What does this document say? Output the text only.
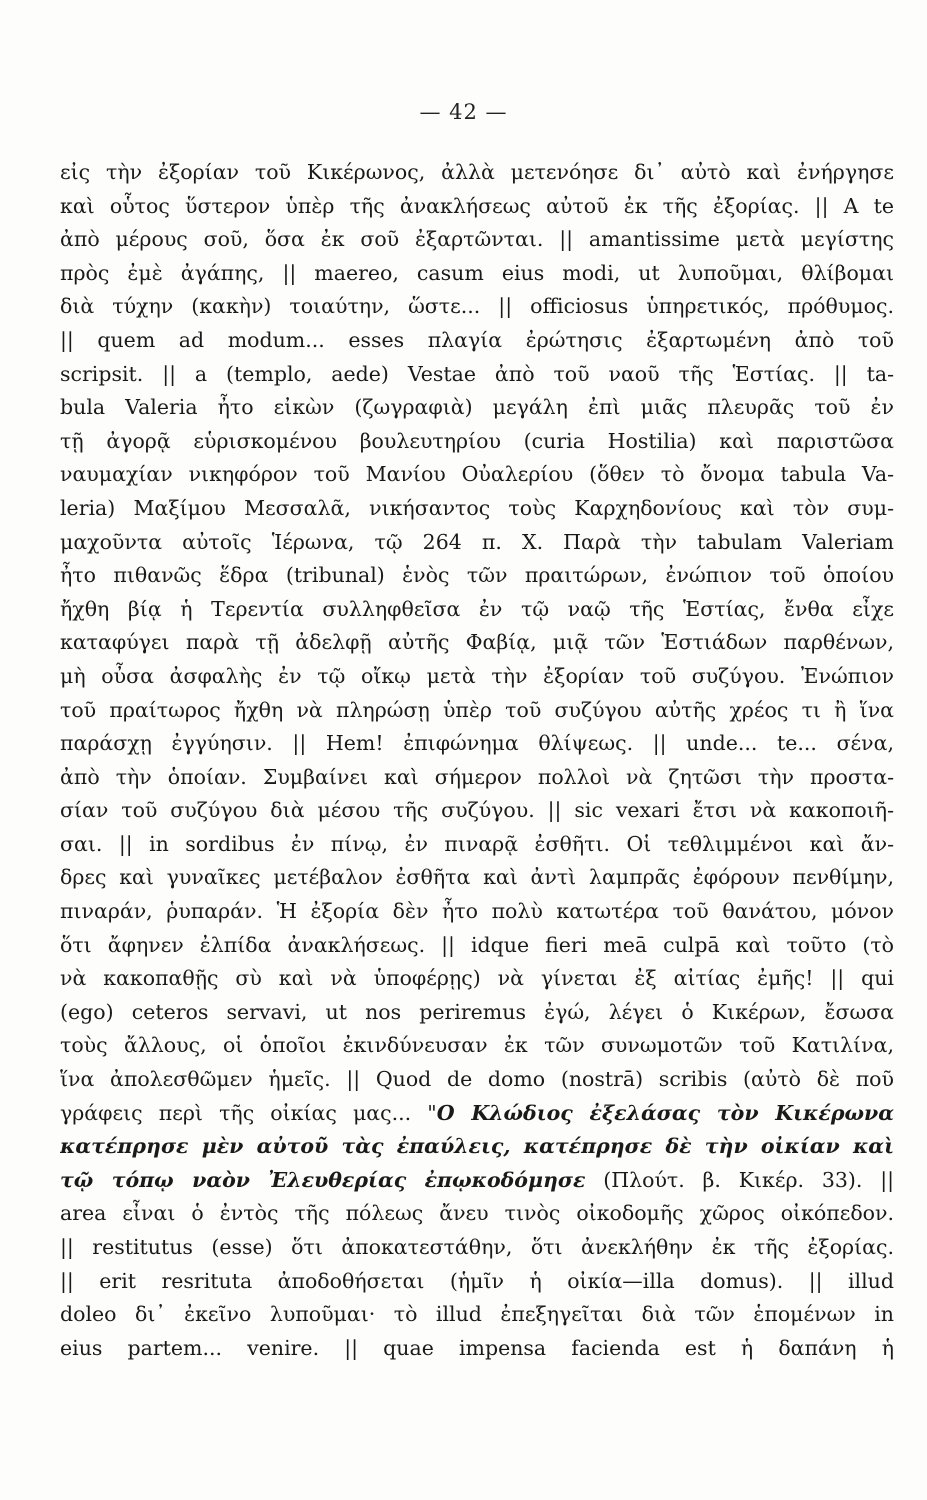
— 42 —
εἰς τὴν ἐξορίαν τοῦ Κικέρωνος, ἀλλὰ μετενόησε δι᾽ αὐτὸ καὶ ἐνήργησε
καὶ οὗτος ὕστερον ὑπὲρ τῆς ἀνακλήσεως αὐτοῦ ἐκ τῆς ἐξορίας. || A te
ἀπὸ μέρους σοῦ, ὅσα ἐκ σοῦ ἐξαρτῶνται. || amantissime μετὰ μεγίστης
πρὸς ἐμὲ ἀγάπης, || maereo, casum eius modi, ut λυποῦμαι, θλίβομαι
διὰ τύχην (κακὴν) τοιαύτην, ὥστε... || officiosus ὑπηρετικός, πρόθυμος.
|| quem ad modum... esses πλαγία ἐρώτησις ἐξαρτωμένη ἀπὸ τοῦ
scripsit. || a (templo, aede) Vestae ἀπὸ τοῦ ναοῦ τῆς Ἑστίας. || ta-
bula Valeria ἦτο εἰκὼν (ζωγραφιὰ) μεγάλη ἐπὶ μιᾶς πλευρᾶς τοῦ ἐν
τῇ ἀγορᾷ εὑρισκομένου βουλευτηρίου (curia Hostilia) καὶ παριστῶσα
ναυμαχίαν νικηφόρον τοῦ Μανίου Οὐαλερίου (ὅθεν τὸ ὄνομα tabula Va-
leria) Μαξίμου Μεσσαλᾶ, νικήσαντος τοὺς Καρχηδονίους καὶ τὸν συμ-
μαχοῦντα αὐτοῖς Ἱέρωνα, τῷ 264 π. Χ. Παρὰ τὴν tabulam Valeriam
ἦτο πιθανῶς ἕδρα (tribunal) ἑνὸς τῶν πραιτώρων, ἐνώπιον τοῦ ὁποίου
ἤχθη βίᾳ ἡ Τερεντία συλληφθεῖσα ἐν τῷ ναῷ τῆς Ἑστίας, ἔνθα εἶχε
καταφύγει παρὰ τῇ ἀδελφῇ αὐτῆς Φαβίᾳ, μιᾷ τῶν Ἑστιάδων παρθένων,
μὴ οὖσα ἀσφαλὴς ἐν τῷ οἴκῳ μετὰ τὴν ἐξορίαν τοῦ συζύγου. Ἐνώπιον
τοῦ πραίτωρος ἤχθη νὰ πληρώσῃ ὑπὲρ τοῦ συζύγου αὐτῆς χρέος τι ἢ ἵνα
παράσχῃ ἐγγύησιν. || Hem! ἐπιφώνημα θλίψεως. || unde... te... σένα,
ἀπὸ τὴν ὁποίαν. Συμβαίνει καὶ σήμερον πολλοὶ νὰ ζητῶσι τὴν προστα-
σίαν τοῦ συζύγου διὰ μέσου τῆς συζύγου. || sic vexari ἔτσι νὰ κακοποιῆ-
σαι. || in sordibus ἐν πίνῳ, ἐν πιναρᾷ ἐσθῆτι. Οἱ τεθλιμμένοι καὶ ἄν-
δρες καὶ γυναῖκες μετέβαλον ἐσθῆτα καὶ ἀντὶ λαμπρᾶς ἐφόρουν πενθίμην,
πιναράν, ῥυπαράν. Ἡ ἐξορία δὲν ἦτο πολὺ κατωτέρα τοῦ θανάτου, μόνον
ὅτι ἄφηνεν ἐλπίδα ἀνακλήσεως. || idque fieri meā culpā καὶ τοῦτο (τὸ
νὰ κακοπαθῇς σὺ καὶ νὰ ὑποφέρῃς) νὰ γίνεται ἐξ αἰτίας ἐμῆς! || qui
(ego) ceteros servavi, ut nos periremus ἐγώ, λέγει ὁ Κικέρων, ἔσωσα
τοὺς ἄλλους, οἱ ὁποῖοι ἐκινδύνευσαν ἐκ τῶν συνωμοτῶν τοῦ Κατιλίνα,
ἵνα ἀπολεσθῶμεν ἡμεῖς. || Quod de domo (nostrā) scribis (αὐτὸ δὲ ποῦ
γράφεις περὶ τῆς οἰκίας μας... "Ο Κλώδιος ἐξελάσας τὸν Κικέρωνα
κατέπρησε μὲν αὐτοῦ τὰς ἐπαύλεις, κατέπρησε δὲ τὴν οἰκίαν καὶ
τῷ τόπῳ ναὸν Ἐλευθερίας ἐπῳκοδόμησε (Πλούτ. β. Κικέρ. 33). ||
area εἶναι ὁ ἐντὸς τῆς πόλεως ἄνευ τινὸς οἰκοδομῆς χῶρος οἰκόπεδον.
|| restitutus (esse) ὅτι ἀποκατεστάθην, ὅτι ἀνεκλήθην ἐκ τῆς ἐξορίας.
|| erit resrituta ἀποδοθήσεται (ἡμῖν ἡ οἰκία—illa domus). || illud
doleo δι᾽ ἐκεῖνο λυποῦμαι· τὸ illud ἐπεξηγεῖται διὰ τῶν ἑπομένων in
eius partem... venire. || quae impensa facienda est ἡ δαπάνη ἡ
